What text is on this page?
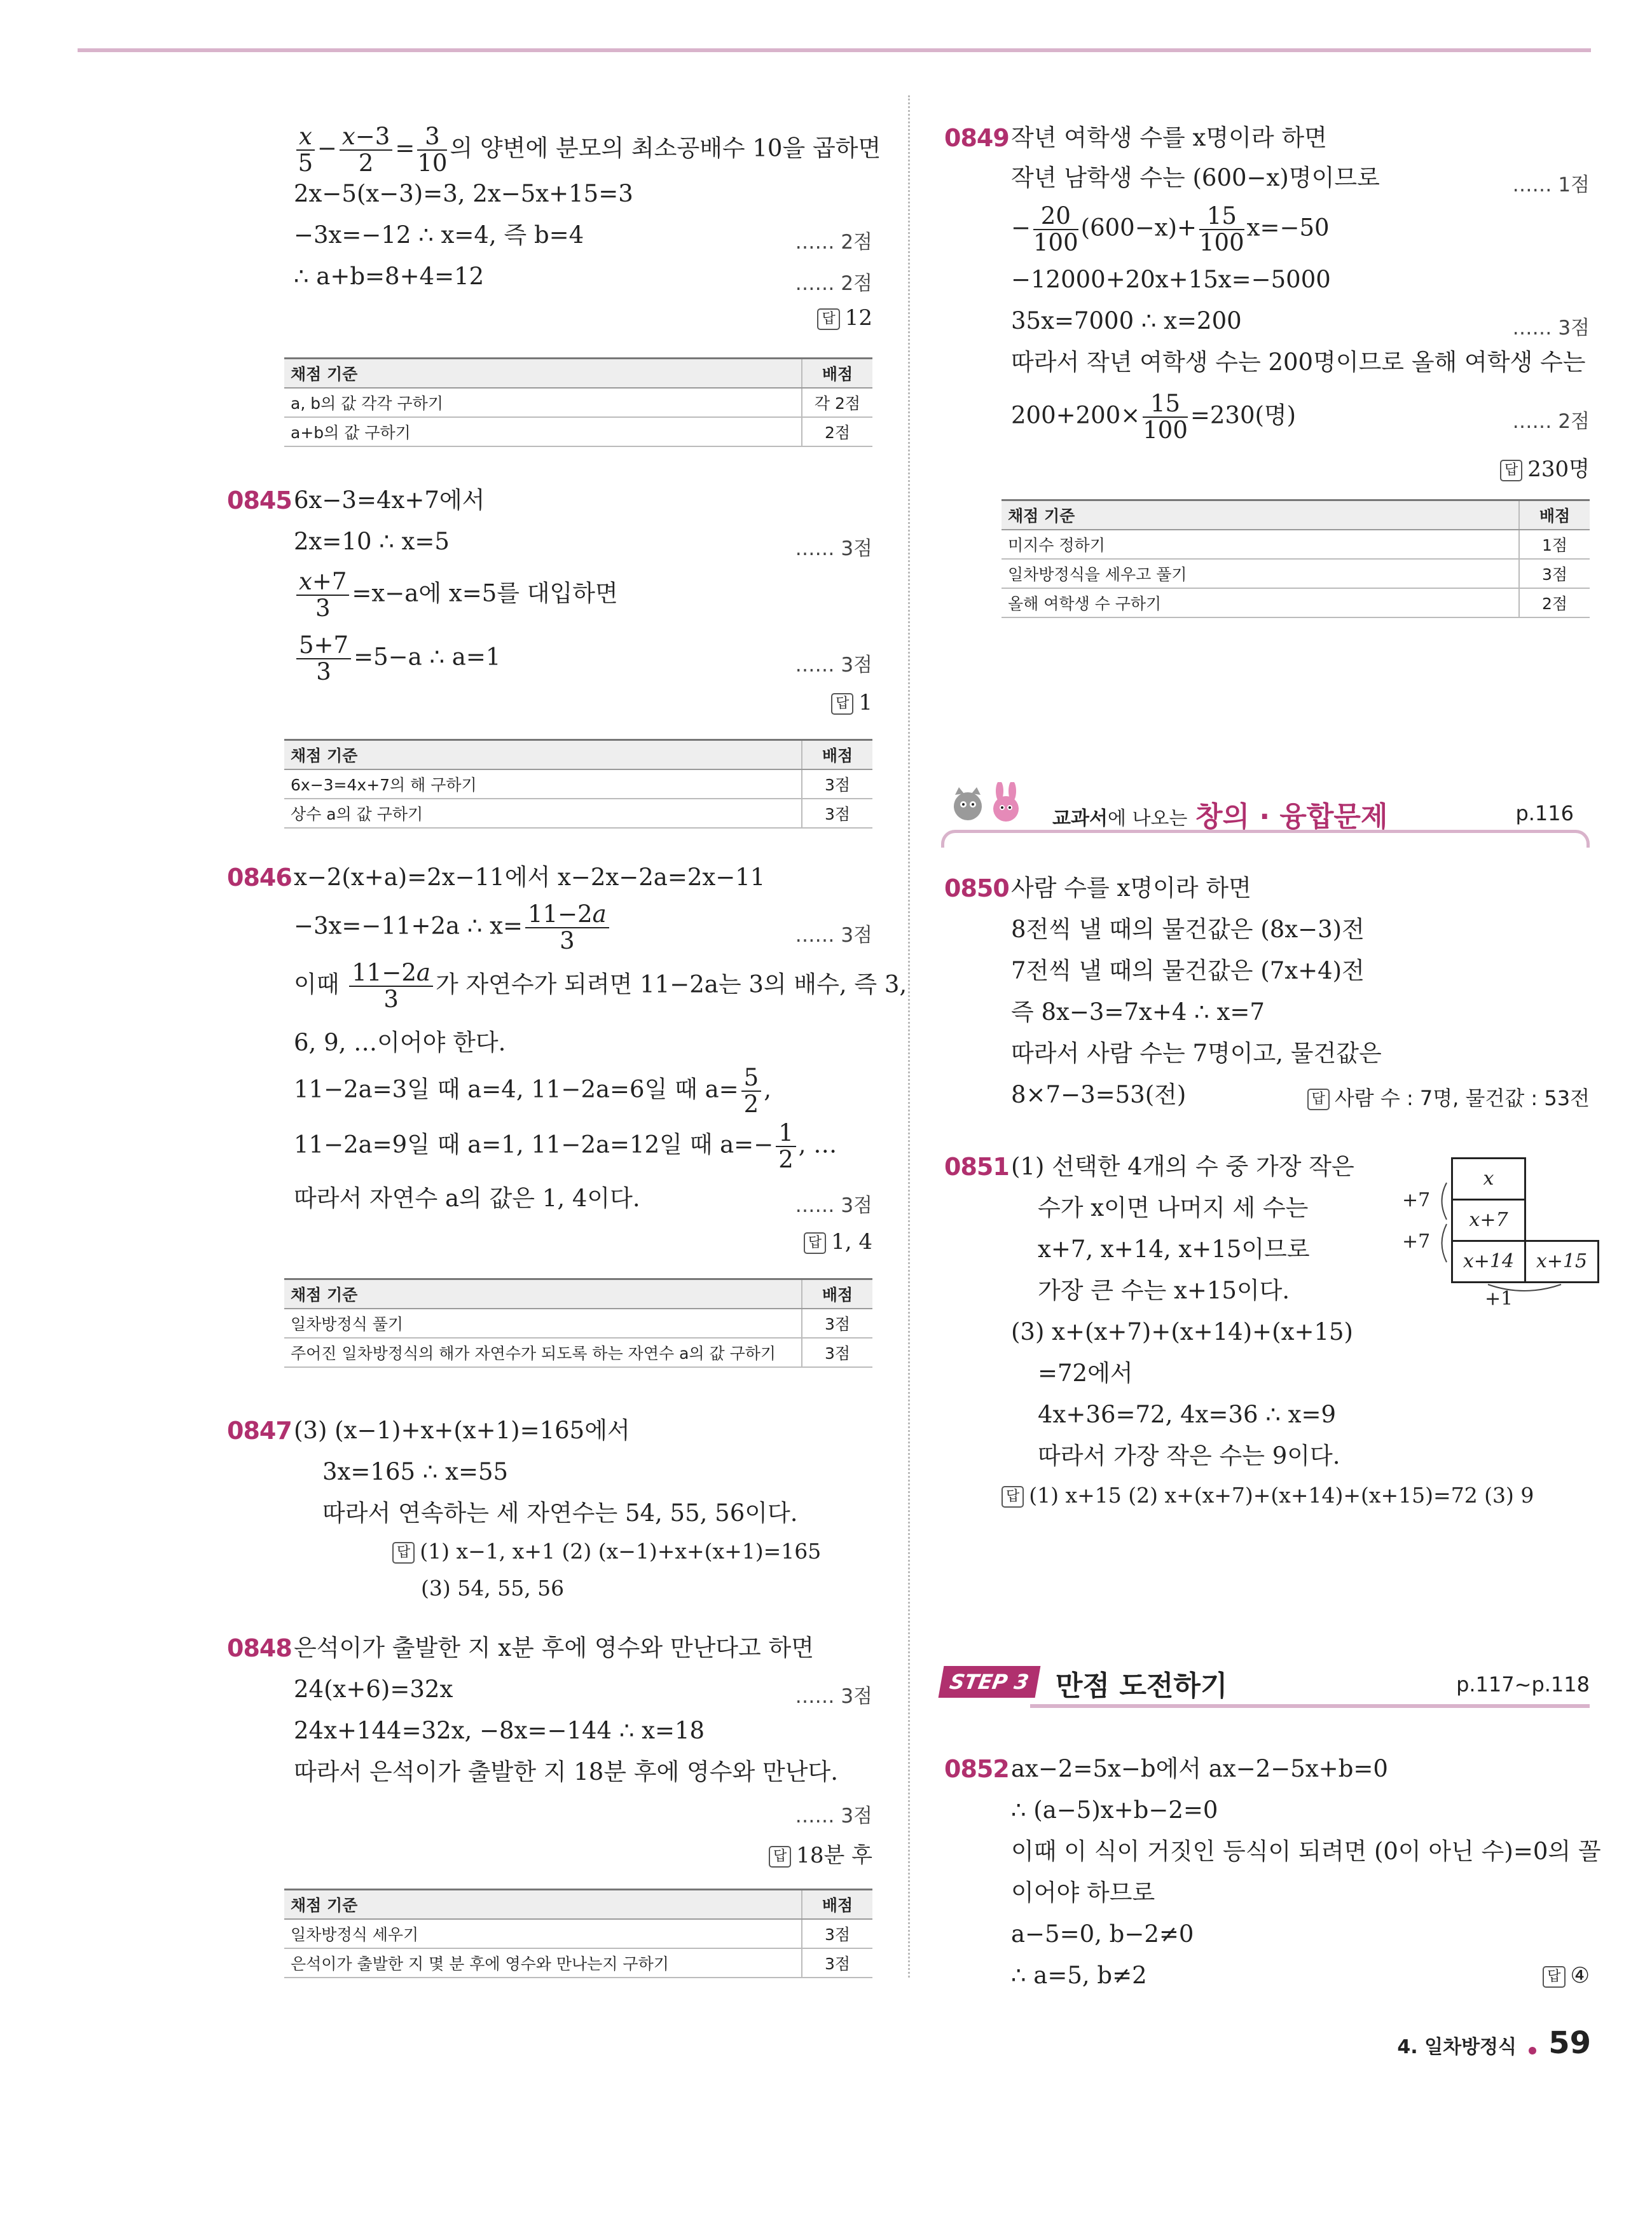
$\frac{x}{5} - \frac{x-3}{2} = \frac{3}{10}$ 의 양변에 분모의 최소공배수 10을 곱하면
2x−5(x−3)=3, 2x−5x+15=3
−3x=−12 ∴ x=4, 즉 b=4	…… 2점
∴ a+b=8+4=12	…… 2점
답 12
채점 기준	배점
a, b의 값 각각 구하기	각 2점
a+b의 값 구하기	2점
0845 6x−3=4x+7에서
2x=10 ∴ x=5	…… 3점
$\frac{x+7}{3} =x-a$에 x=5를 대입하면
$\frac{5+7}{3} =5-a$ ∴ a=1	…… 3점
답 1
채점 기준	배점
6x−3=4x+7의 해 구하기	3점
상수 a의 값 구하기	3점
0846 x−2(x+a)=2x−11에서 x−2x−2a=2x−11
−3x=−11+2a ∴ $x= \frac{11-2a}{3}$	…… 3점
이때 $\frac{11-2a}{3}$ 가 자연수가 되려면 11−2a는 3의 배수, 즉 3,
6, 9, …이어야 한다.
11−2a=3일 때 a=4, 11−2a=6일 때 $a= \frac{5}{2}$ ,
11−2a=9일 때 a=1, 11−2a=12일 때 $a=- \frac{1}{2}$ , …
따라서 자연수 a의 값은 1, 4이다.	…… 3점
답 1, 4
채점 기준	배점
일차방정식 풀기	3점
주어진 일차방정식의 해가 자연수가 되도록 하는 자연수 a의 값 구하기	3점
0847 (3) (x−1)+x+(x+1)=165에서
3x=165 ∴ x=55
따라서 연속하는 세 자연수는 54, 55, 56이다.
답 (1) x−1, x+1 (2) (x−1)+x+(x+1)=165
(3) 54, 55, 56
0848 은석이가 출발한 지 x분 후에 영수와 만난다고 하면
24(x+6)=32x	…… 3점
24x+144=32x, −8x=−144 ∴ x=18
따라서 은석이가 출발한 지 18분 후에 영수와 만난다.
…… 3점
답 18분 후
채점 기준	배점
일차방정식 세우기	3점
은석이가 출발한 지 몇 분 후에 영수와 만나는지 구하기	3점
0849 작년 여학생 수를 x명이라 하면
작년 남학생 수는 (600−x)명이므로	…… 1점
− $\frac{20}{100} (600-x)+ \frac{15}{100} x=-50$
−12000+20x+15x=−5000
35x=7000 ∴ x=200	…… 3점
따라서 작년 여학생 수는 200명이므로 올해 여학생 수는
$200+200\times \frac{15}{100} =230$(명)	…… 2점
답 230명
채점 기준	배점
미지수 정하기	1점
일차방정식을 세우고 풀기	3점
올해 여학생 수 구하기	2점
교과서에 나오는 창의 · 융합문제	p.116
0850 사람 수를 x명이라 하면
8전씩 낼 때의 물건값은 (8x−3)전
7전씩 낼 때의 물건값은 (7x+4)전
즉 8x−3=7x+4 ∴ x=7
따라서 사람 수는 7명이고, 물건값은
8×7−3=53(전)	답 사람 수 : 7명, 물건값 : 53전
0851 (1) 선택한 4개의 수 중 가장 작은
수가 x이면 나머지 세 수는
x+7, x+14, x+15이므로
가장 큰 수는 x+15이다.
(3) x+(x+7)+(x+14)+(x+15)
=72에서
4x+36=72, 4x=36 ∴ x=9
따라서 가장 작은 수는 9이다.
답 (1) x+15 (2) x+(x+7)+(x+14)+(x+15)=72 (3) 9
x
x+7
x+14	x+15
+7
+7
+1
STEP 3 만점 도전하기	p.117~p.118
0852 ax−2=5x−b에서 ax−2−5x+b=0
∴ (a−5)x+b−2=0
이때 이 식이 거짓인 등식이 되려면 (0이 아닌 수)=0의 꼴
이어야 하므로
a−5=0, b−2≠0
∴ a=5, b≠2	답 ④
4. 일차방정식 59
